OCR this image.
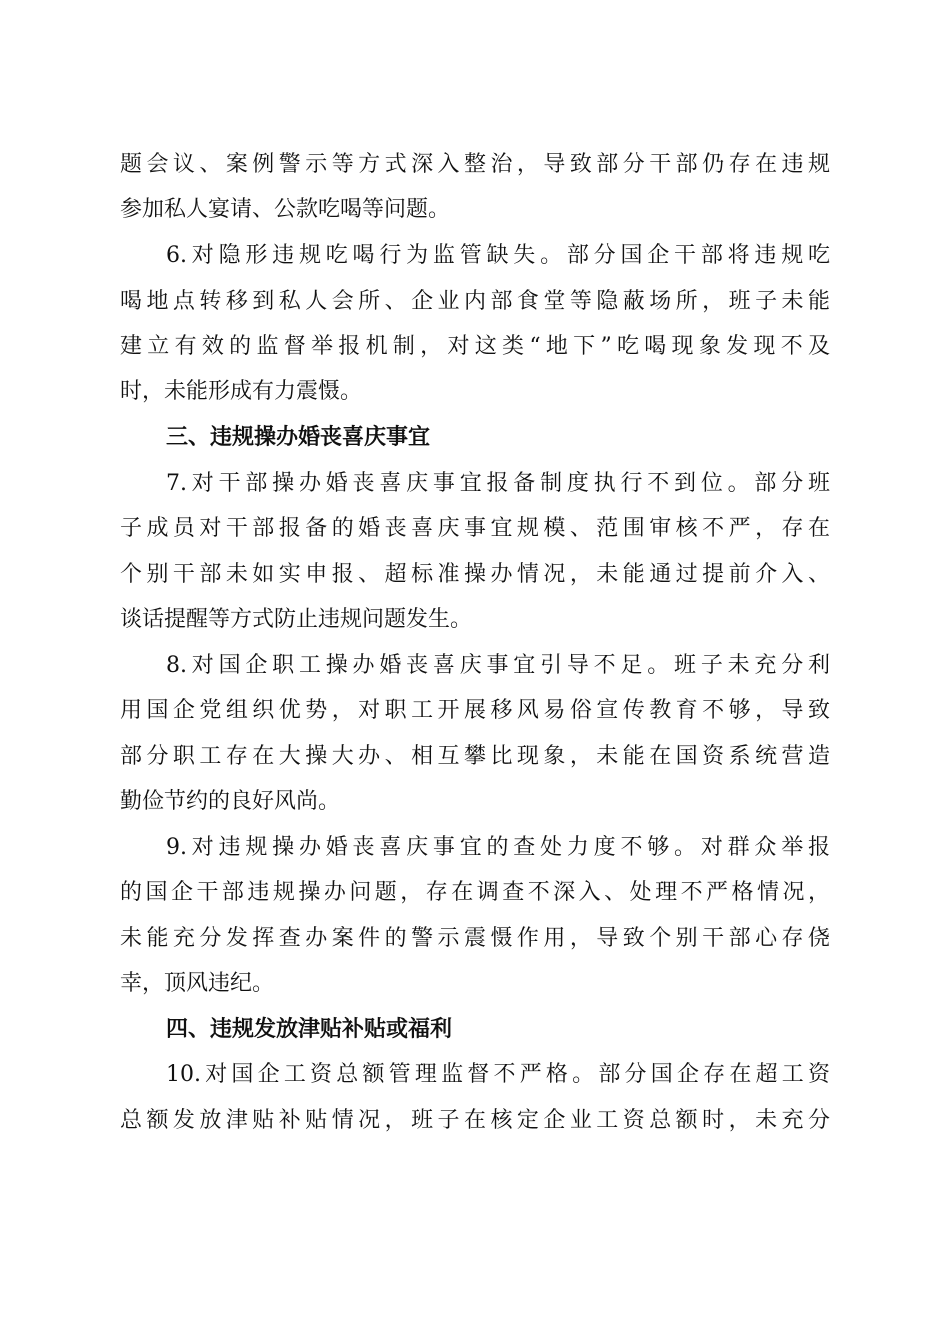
题会议、案例警示等方式深入整治，导致部分干部仍存在违规
参加私人宴请、公款吃喝等问题。
6.对隐形违规吃喝行为监管缺失。部分国企干部将违规吃
喝地点转移到私人会所、企业内部食堂等隐蔽场所，班子未能
建立有效的监督举报机制，对这类“地下”吃喝现象发现不及
时，未能形成有力震慑。
三、违规操办婚丧喜庆事宜
7.对干部操办婚丧喜庆事宜报备制度执行不到位。部分班
子成员对干部报备的婚丧喜庆事宜规模、范围审核不严，存在
个别干部未如实申报、超标准操办情况，未能通过提前介入、
谈话提醒等方式防止违规问题发生。
8.对国企职工操办婚丧喜庆事宜引导不足。班子未充分利
用国企党组织优势，对职工开展移风易俗宣传教育不够，导致
部分职工存在大操大办、相互攀比现象，未能在国资系统营造
勤俭节约的良好风尚。
9.对违规操办婚丧喜庆事宜的查处力度不够。对群众举报
的国企干部违规操办问题，存在调查不深入、处理不严格情况，
未能充分发挥查办案件的警示震慑作用，导致个别干部心存侥
幸，顶风违纪。
四、违规发放津贴补贴或福利
10.对国企工资总额管理监督不严格。部分国企存在超工资
总额发放津贴补贴情况，班子在核定企业工资总额时，未充分
